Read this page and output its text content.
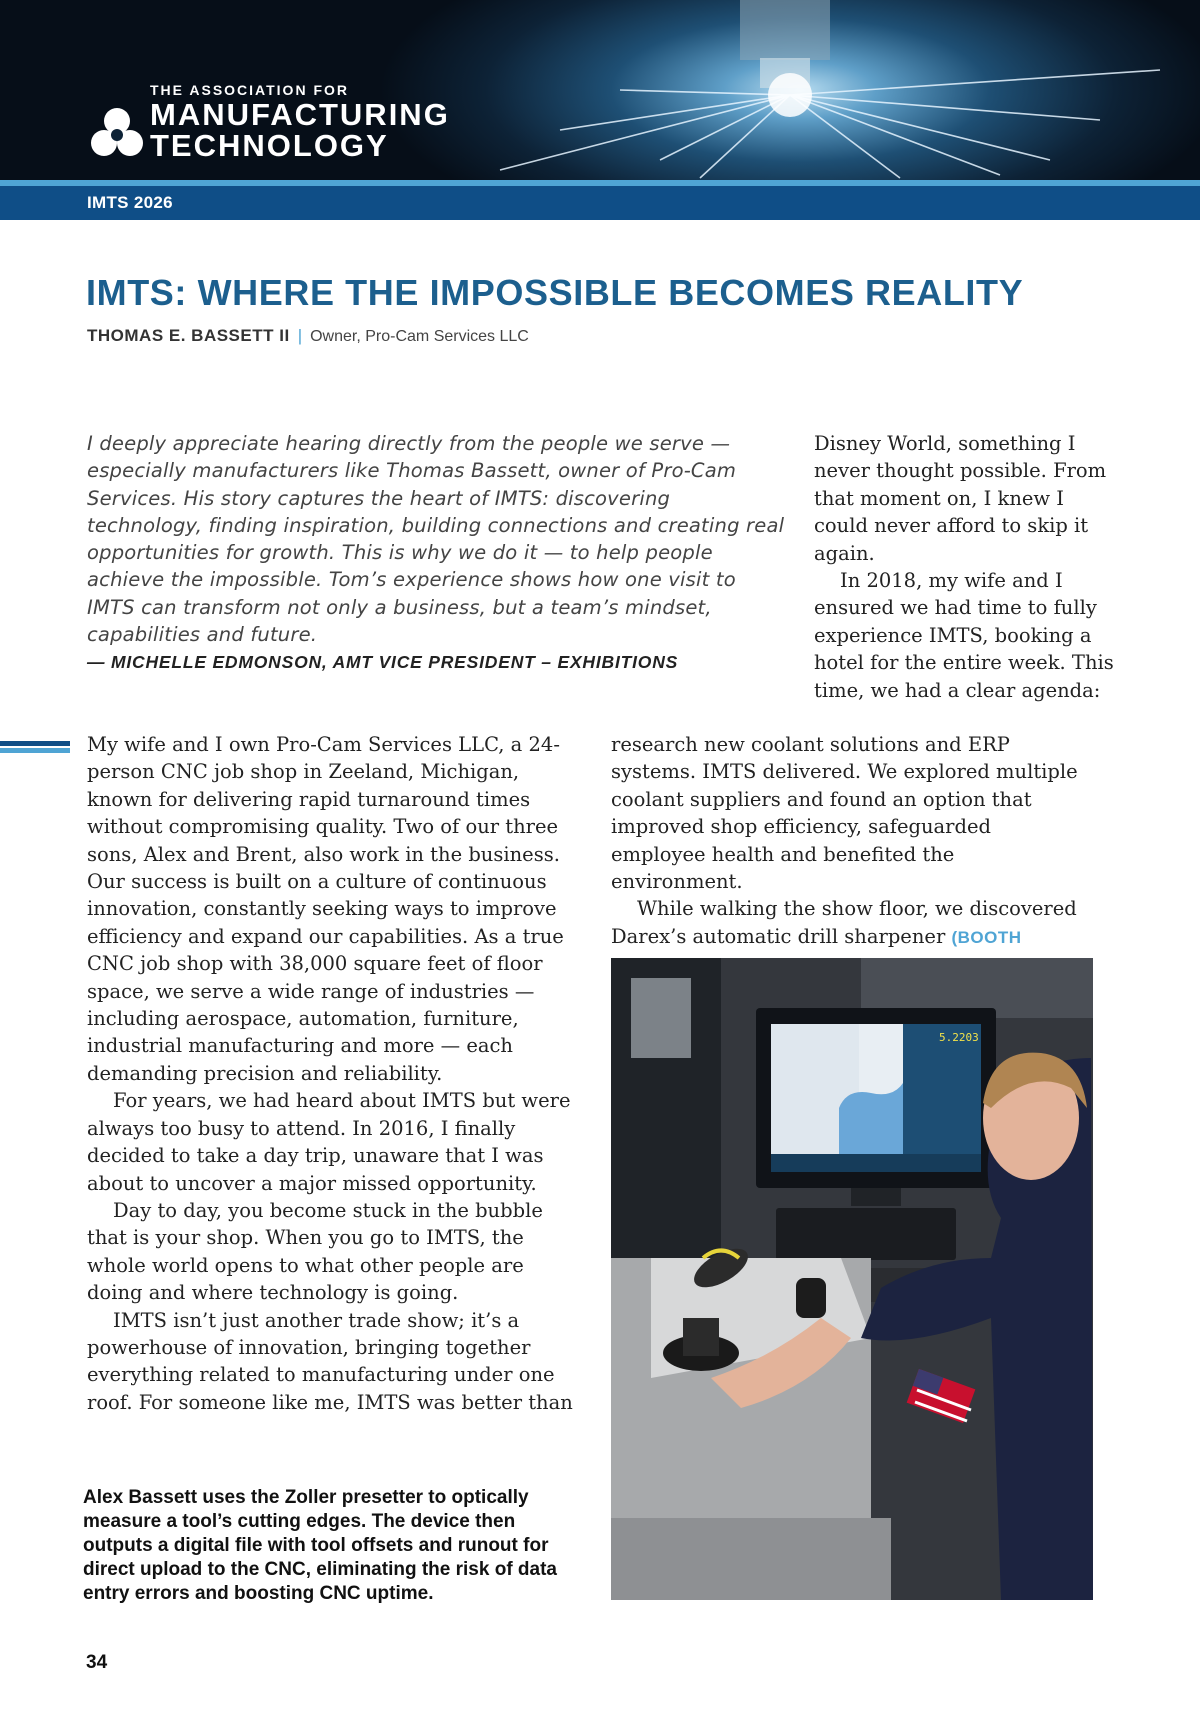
IMTS 2026
THE ASSOCIATION FOR
MANUFACTURING
TECHNOLOGY
IMTS: WHERE THE IMPOSSIBLE BECOMES REALITY
THOMAS E. BASSETT II | Owner, Pro-Cam Services LLC
I deeply appreciate hearing directly from the people we serve — especially manufacturers like Thomas Bassett, owner of Pro-Cam Services. His story captures the heart of IMTS: discovering technology, finding inspiration, building connections and creating real opportunities for growth. This is why we do it — to help people achieve the impossible. Tom’s experience shows how one visit to IMTS can transform not only a business, but a team’s mindset, capabilities and future.
— MICHELLE EDMONSON, AMT VICE PRESIDENT – EXHIBITIONS

Disney World, something I never thought possible. From that moment on, I knew I could never afford to skip it again.

In 2018, my wife and I ensured we had time to fully experience IMTS, booking a hotel for the entire week. This time, we had a clear agenda:

My wife and I own Pro-Cam Services LLC, a 24-person CNC job shop in Zeeland, Michigan, known for delivering rapid turnaround times without compromising quality. Two of our three sons, Alex and Brent, also work in the business. Our success is built on a culture of continuous innovation, constantly seeking ways to improve efficiency and expand our capabilities. As a true CNC job shop with 38,000 square feet of floor space, we serve a wide range of industries — including aerospace, automation, furniture, industrial manufacturing and more — each demanding precision and reliability.

For years, we had heard about IMTS but were always too busy to attend. In 2016, I finally decided to take a day trip, unaware that I was about to uncover a major missed opportunity.

Day to day, you become stuck in the bubble that is your shop. When you go to IMTS, the whole world opens to what other people are doing and where technology is going.

IMTS isn’t just another trade show; it’s a powerhouse of innovation, bringing together everything related to manufacturing under one roof. For someone like me, IMTS was better than

research new coolant solutions and ERP systems. IMTS delivered. We explored multiple coolant suppliers and found an option that improved shop efficiency, safeguarded employee health and benefited the environment.

While walking the show floor, we discovered Darex’s automatic drill sharpener (BOOTH

5.2203

Alex Bassett uses the Zoller presetter to optically measure a tool’s cutting edges. The device then outputs a digital file with tool offsets and runout for direct upload to the CNC, eliminating the risk of data entry errors and boosting CNC uptime.

34
